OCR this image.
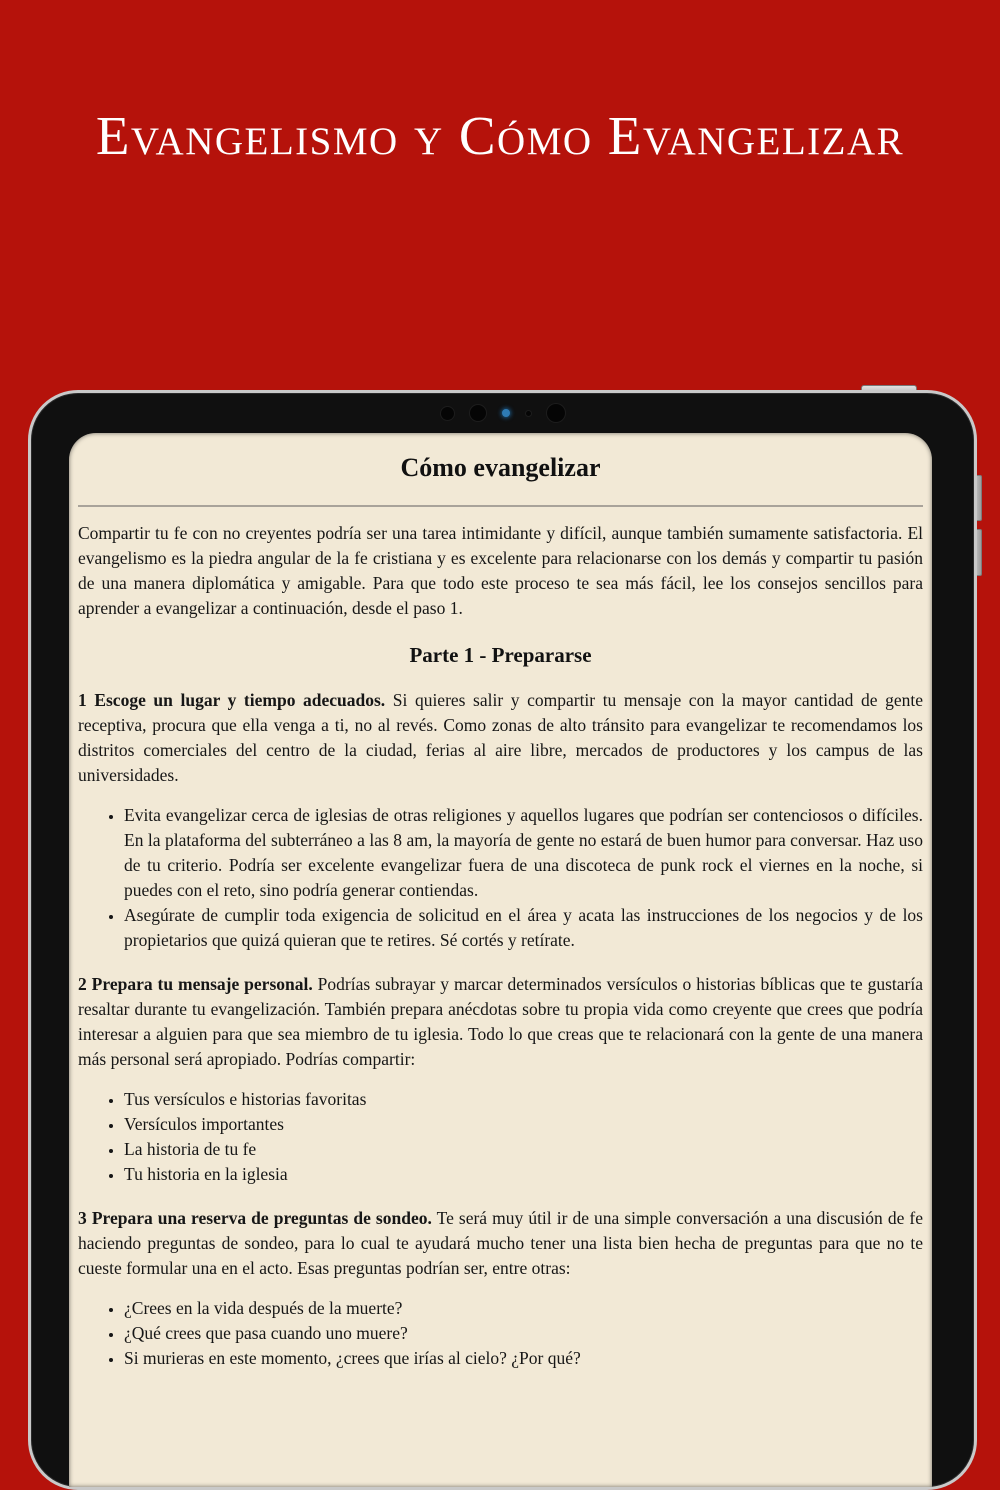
Evangelismo y Cómo Evangelizar
Cómo evangelizar

Compartir tu fe con no creyentes podría ser una tarea intimidante y difícil, aunque también sumamente satisfactoria. El evangelismo es la piedra angular de la fe cristiana y es excelente para relacionarse con los demás y compartir tu pasión de una manera diplomática y amigable. Para que todo este proceso te sea más fácil, lee los consejos sencillos para aprender a evangelizar a continuación, desde el paso 1.

Parte 1 - Prepararse

1 Escoge un lugar y tiempo adecuados. Si quieres salir y compartir tu mensaje con la mayor cantidad de gente receptiva, procura que ella venga a ti, no al revés. Como zonas de alto tránsito para evangelizar te recomendamos los distritos comerciales del centro de la ciudad, ferias al aire libre, mercados de productores y los campus de las universidades.

• Evita evangelizar cerca de iglesias de otras religiones y aquellos lugares que podrían ser contenciosos o difíciles. En la plataforma del subterráneo a las 8 am, la mayoría de gente no estará de buen humor para conversar. Haz uso de tu criterio. Podría ser excelente evangelizar fuera de una discoteca de punk rock el viernes en la noche, si puedes con el reto, sino podría generar contiendas.
• Asegúrate de cumplir toda exigencia de solicitud en el área y acata las instrucciones de los negocios y de los propietarios que quizá quieran que te retires. Sé cortés y retírate.

2 Prepara tu mensaje personal. Podrías subrayar y marcar determinados versículos o historias bíblicas que te gustaría resaltar durante tu evangelización. También prepara anécdotas sobre tu propia vida como creyente que crees que podría interesar a alguien para que sea miembro de tu iglesia. Todo lo que creas que te relacionará con la gente de una manera más personal será apropiado. Podrías compartir:

• Tus versículos e historias favoritas
• Versículos importantes
• La historia de tu fe
• Tu historia en la iglesia

3 Prepara una reserva de preguntas de sondeo. Te será muy útil ir de una simple conversación a una discusión de fe haciendo preguntas de sondeo, para lo cual te ayudará mucho tener una lista bien hecha de preguntas para que no te cueste formular una en el acto. Esas preguntas podrían ser, entre otras:

• ¿Crees en la vida después de la muerte?
• ¿Qué crees que pasa cuando uno muere?
• Si murieras en este momento, ¿crees que irías al cielo? ¿Por qué?
